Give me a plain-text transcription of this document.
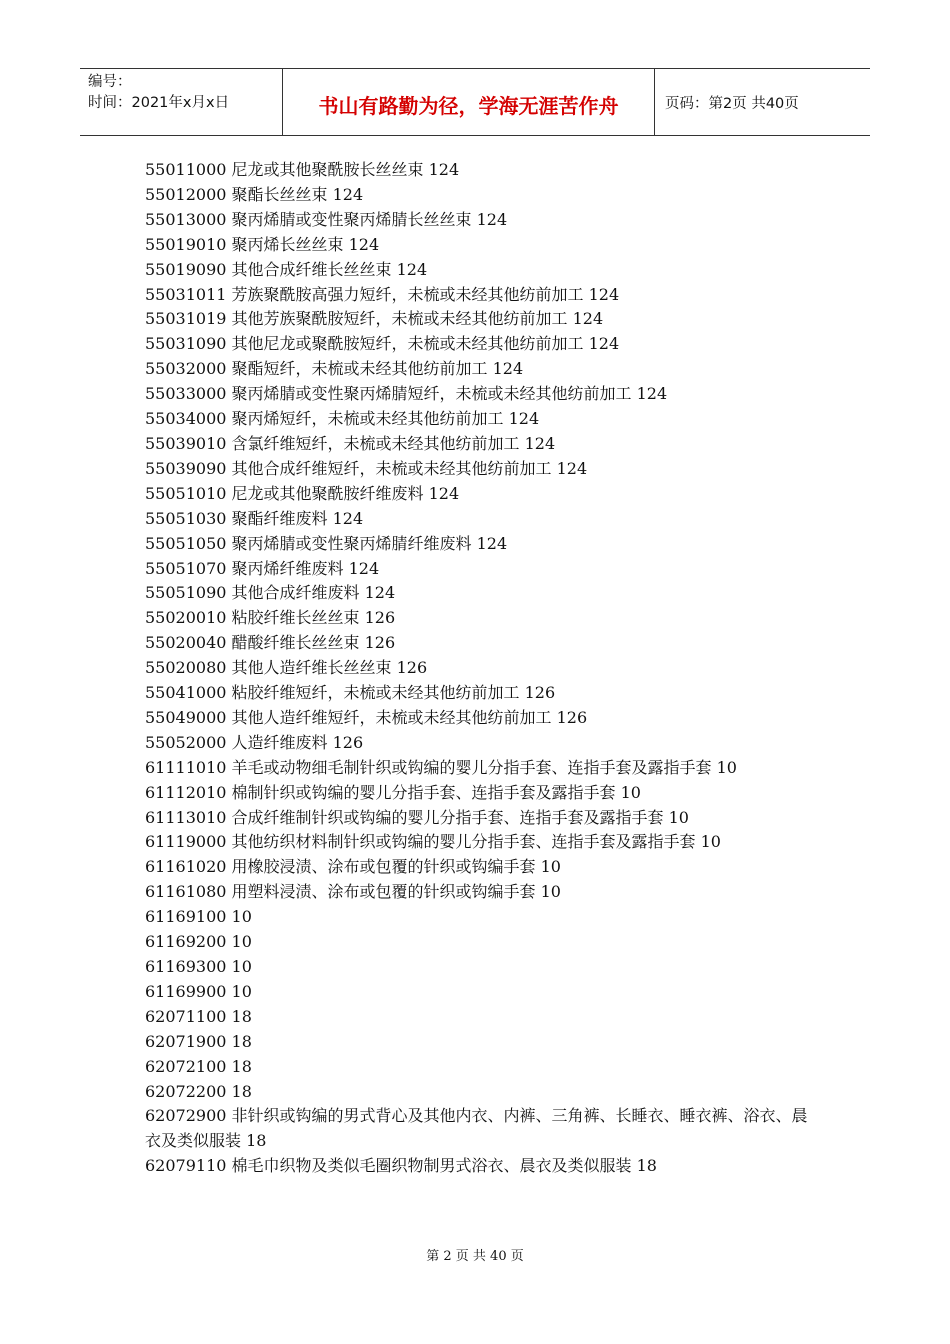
编号：
时间：2021年x月x日	书山有路勤为径，学海无涯苦作舟	页码：第2页 共40页
55011000 尼龙或其他聚酰胺长丝丝束 124
55012000 聚酯长丝丝束 124
55013000 聚丙烯腈或变性聚丙烯腈长丝丝束 124
55019010 聚丙烯长丝丝束 124
55019090 其他合成纤维长丝丝束 124
55031011 芳族聚酰胺高强力短纤，未梳或未经其他纺前加工 124
55031019 其他芳族聚酰胺短纤，未梳或未经其他纺前加工 124
55031090 其他尼龙或聚酰胺短纤，未梳或未经其他纺前加工 124
55032000 聚酯短纤，未梳或未经其他纺前加工 124
55033000 聚丙烯腈或变性聚丙烯腈短纤，未梳或未经其他纺前加工 124
55034000 聚丙烯短纤，未梳或未经其他纺前加工 124
55039010 含氯纤维短纤，未梳或未经其他纺前加工 124
55039090 其他合成纤维短纤，未梳或未经其他纺前加工 124
55051010 尼龙或其他聚酰胺纤维废料 124
55051030 聚酯纤维废料 124
55051050 聚丙烯腈或变性聚丙烯腈纤维废料 124
55051070 聚丙烯纤维废料 124
55051090 其他合成纤维废料 124
55020010 粘胶纤维长丝丝束 126
55020040 醋酸纤维长丝丝束 126
55020080 其他人造纤维长丝丝束 126
55041000 粘胶纤维短纤，未梳或未经其他纺前加工 126
55049000 其他人造纤维短纤，未梳或未经其他纺前加工 126
55052000 人造纤维废料 126
61111010 羊毛或动物细毛制针织或钩编的婴儿分指手套、连指手套及露指手套 10
61112010 棉制针织或钩编的婴儿分指手套、连指手套及露指手套 10
61113010 合成纤维制针织或钩编的婴儿分指手套、连指手套及露指手套 10
61119000 其他纺织材料制针织或钩编的婴儿分指手套、连指手套及露指手套 10
61161020 用橡胶浸渍、涂布或包覆的针织或钩编手套 10
61161080 用塑料浸渍、涂布或包覆的针织或钩编手套 10
61169100 10
61169200 10
61169300 10
61169900 10
62071100 18
62071900 18
62072100 18
62072200 18
62072900 非针织或钩编的男式背心及其他内衣、内裤、三角裤、长睡衣、睡衣裤、浴衣、晨衣及类似服装 18
62079110 棉毛巾织物及类似毛圈织物制男式浴衣、晨衣及类似服装 18
第 2 页 共 40 页
